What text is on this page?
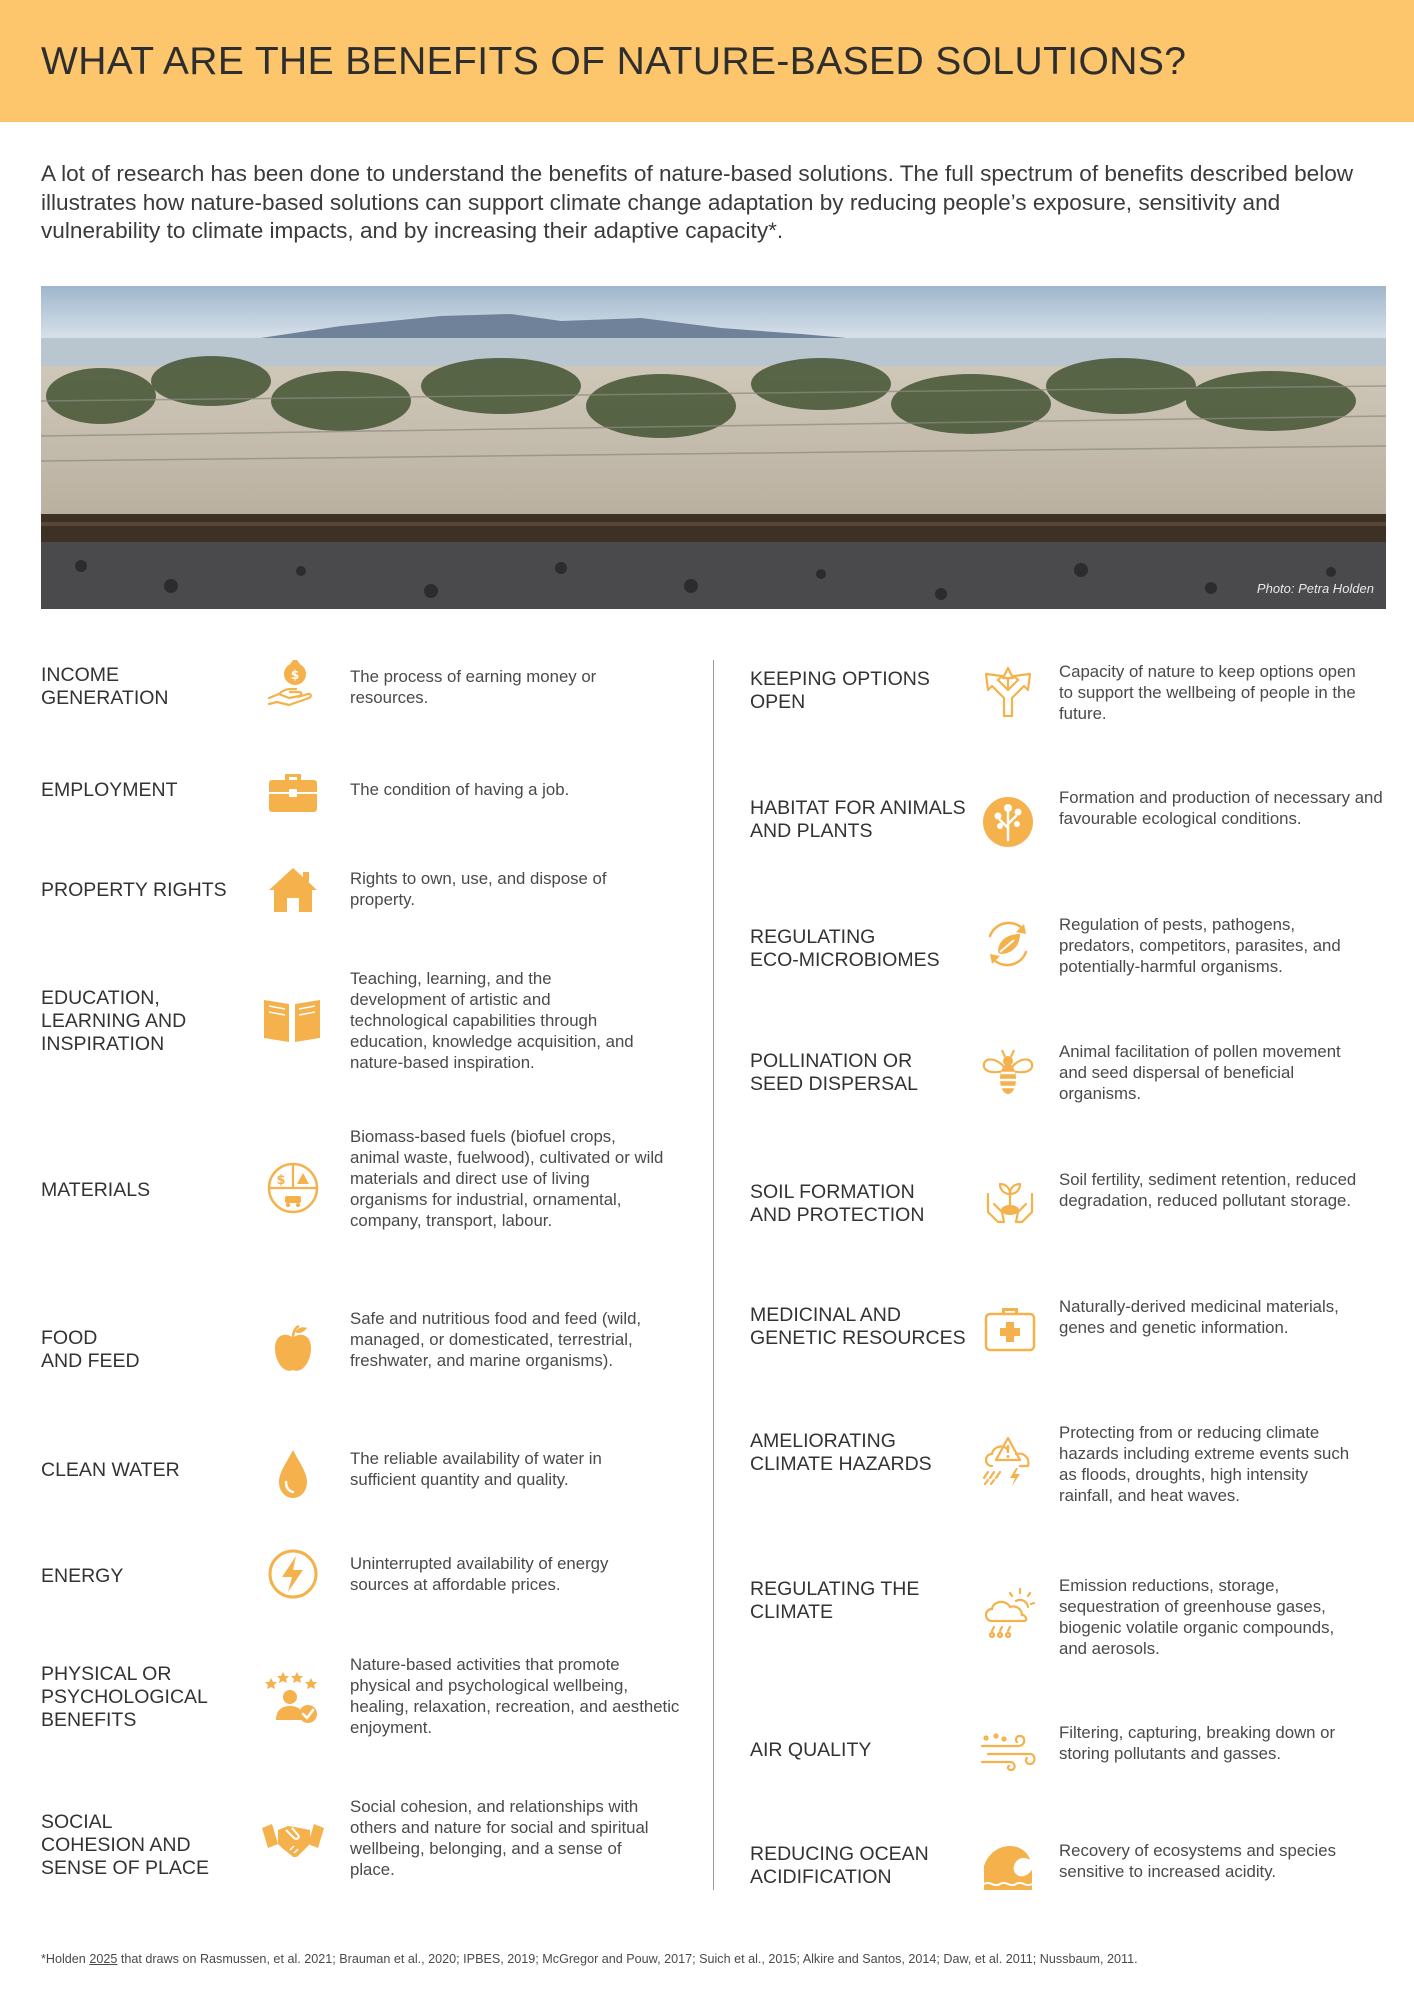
WHAT ARE THE BENEFITS OF NATURE-BASED SOLUTIONS?

A lot of research has been done to understand the benefits of nature-based solutions. The full spectrum of benefits described below illustrates how nature-based solutions can support climate change adaptation by reducing people’s exposure, sensitivity and vulnerability to climate impacts, and by increasing their adaptive capacity*.

Photo: Petra Holden
INCOME
GENERATION
$	The process of earning money or resources.
EMPLOYMENT	The condition of having a job.
PROPERTY RIGHTS
Rights to own, use, and dispose of property.
EDUCATION,
LEARNING AND
INSPIRATION
Teaching, learning, and the development of artistic and technological capabilities through education, knowledge acquisition, and nature-based inspiration.
MATERIALS	$
Biomass-based fuels (biofuel crops, animal waste, fuelwood), cultivated or wild materials and direct use of living organisms for industrial, ornamental, company, transport, labour.
FOOD
AND FEED
Safe and nutritious food and feed (wild, managed, or domesticated, terrestrial, freshwater, and marine organisms).
CLEAN WATER
The reliable availability of water in sufficient quantity and quality.
ENERGY
Uninterrupted availability of energy sources at affordable prices.
PHYSICAL OR
PSYCHOLOGICAL
BENEFITS
Nature-based activities that promote physical and psychological wellbeing, healing, relaxation, recreation, and aesthetic enjoyment.
SOCIAL
COHESION AND
SENSE OF PLACE
Social cohesion, and relationships with others and nature for social and spiritual wellbeing, belonging, and a sense of place.
KEEPING OPTIONS
OPEN
Capacity of nature to keep options open to support the wellbeing of people in the future.
HABITAT FOR ANIMALS
AND PLANTS
Formation and production of necessary and favourable ecological conditions.
REGULATING
ECO-MICROBIOMES
Regulation of pests, pathogens, predators, competitors, parasites, and potentially-harmful organisms.
POLLINATION OR
SEED DISPERSAL
Animal facilitation of pollen movement and seed dispersal of beneficial organisms.
SOIL FORMATION
AND PROTECTION
Soil fertility, sediment retention, reduced degradation, reduced pollutant storage.
MEDICINAL AND
GENETIC RESOURCES
Naturally-derived medicinal materials, genes and genetic information.
AMELIORATING
CLIMATE HAZARDS
Protecting from or reducing climate hazards including extreme events such as floods, droughts, high intensity rainfall, and heat waves.
REGULATING THE
CLIMATE
Emission reductions, storage, sequestration of greenhouse gases, biogenic volatile organic compounds, and aerosols.
AIR QUALITY
Filtering, capturing, breaking down or storing pollutants and gasses.
REDUCING OCEAN
ACIDIFICATION
Recovery of ecosystems and species sensitive to increased acidity.
*Holden 2025 that draws on Rasmussen, et al. 2021; Brauman et al., 2020; IPBES, 2019; McGregor and Pouw, 2017; Suich et al., 2015; Alkire and Santos, 2014; Daw, et al. 2011; Nussbaum, 2011.
